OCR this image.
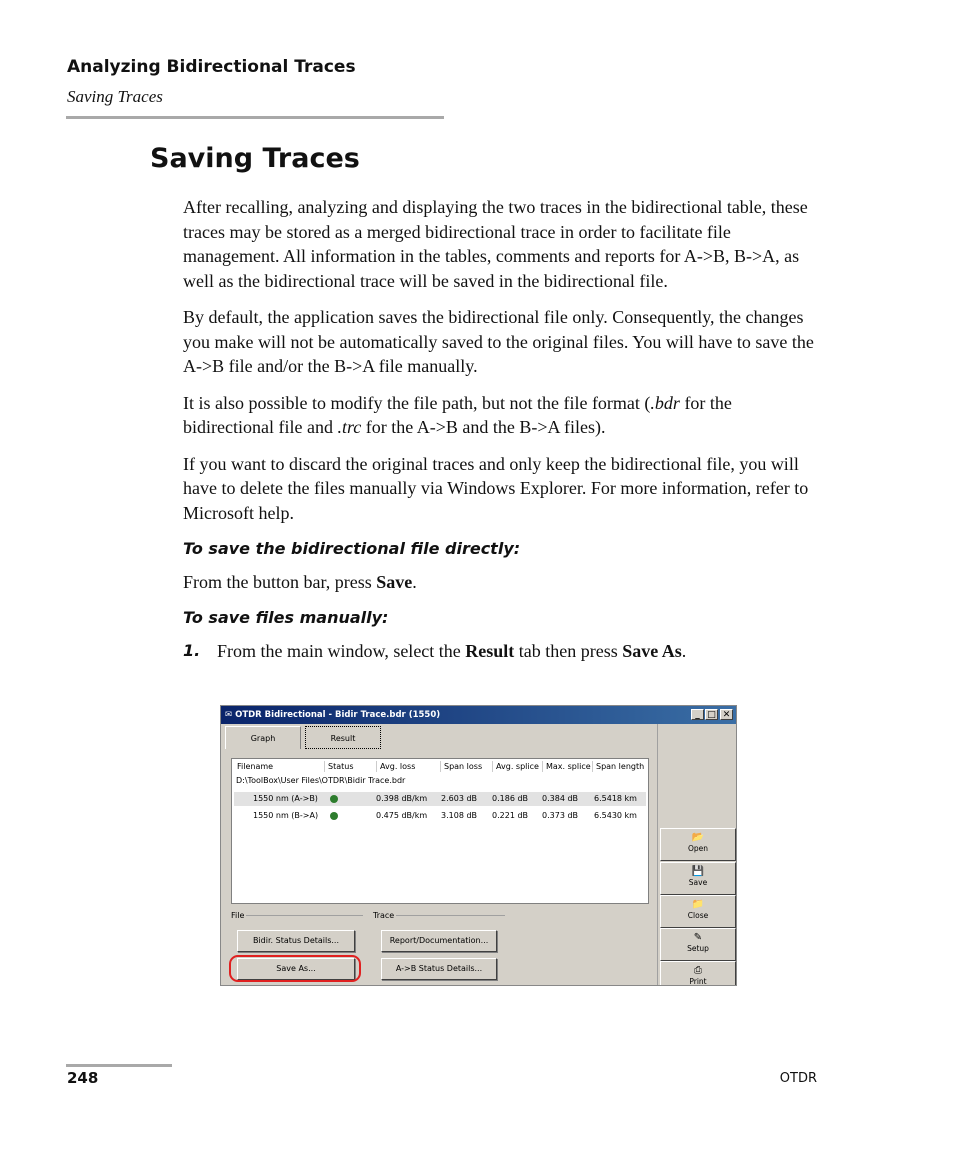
Analyzing Bidirectional Traces
Saving Traces
Saving Traces

After recalling, analyzing and displaying the two traces in the bidirectional table, these traces may be stored as a merged bidirectional trace in order to facilitate file management. All information in the tables, comments and reports for A->B, B->A, as well as the bidirectional trace will be saved in the bidirectional file.

By default, the application saves the bidirectional file only. Consequently, the changes you make will not be automatically saved to the original files. You will have to save the A->B file and/or the B->A file manually.

It is also possible to modify the file path, but not the file format (.bdr for the bidirectional file and .trc for the A->B and the B->A files).

If you want to discard the original traces and only keep the bidirectional file, you will have to delete the files manually via Windows Explorer. For more information, refer to Microsoft help.

To save the bidirectional file directly:

From the button bar, press Save.

To save files manually:
1. From the main window, select the Result tab then press Save As.
✉ OTDR Bidirectional - Bidir Trace.bdr (1550)	_ □ ✕
Graph	Result
Filename	Status	Avg. loss	Span loss	Avg. splice Max. splice Span length
D:\ToolBox\User Files\OTDR\Bidir Trace.bdr
1550 nm (A->B)	0.398 dB/km 2.603 dB 0.186 dB 0.384 dB 6.5418 km
1550 nm (B->A)	0.475 dB/km 3.108 dB 0.221 dB 0.373 dB 6.5430 km
File	Trace
Bidir. Status Details...	Report/Documentation...
Save As...	A->B Status Details...
📂
Open
💾
Save
📁
Close
✎
Setup
⎙
Print
248	OTDR
